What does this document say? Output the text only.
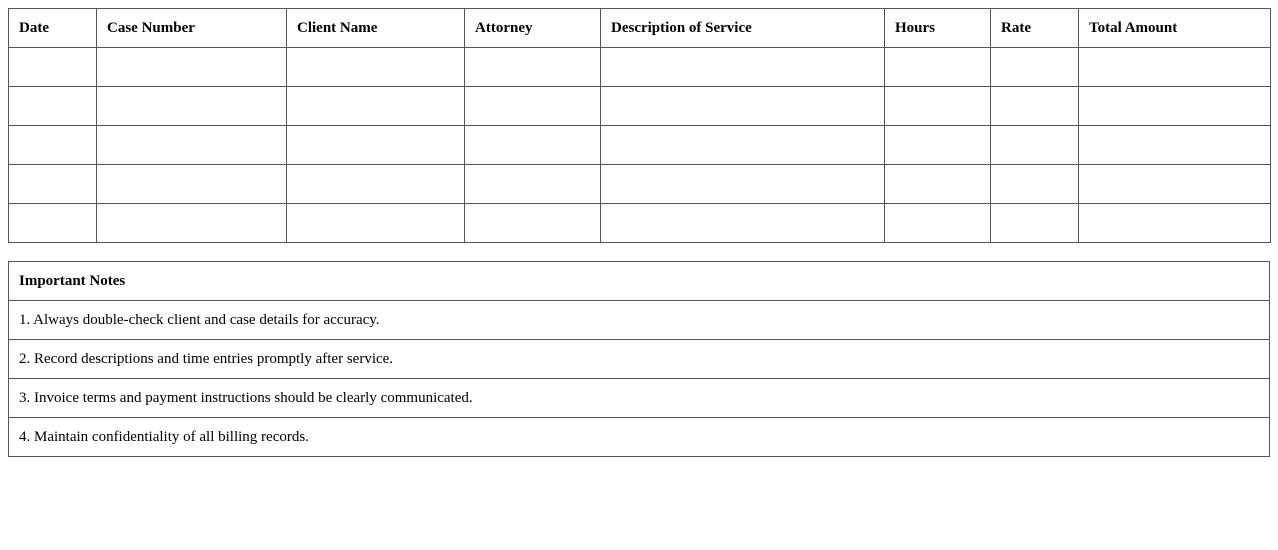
Date	Case Number	Client Name	Attorney	Description of Service	Hours	Rate	Total Amount

Important Notes
1. Always double-check client and case details for accuracy.
2. Record descriptions and time entries promptly after service.
3. Invoice terms and payment instructions should be clearly communicated.
4. Maintain confidentiality of all billing records.
